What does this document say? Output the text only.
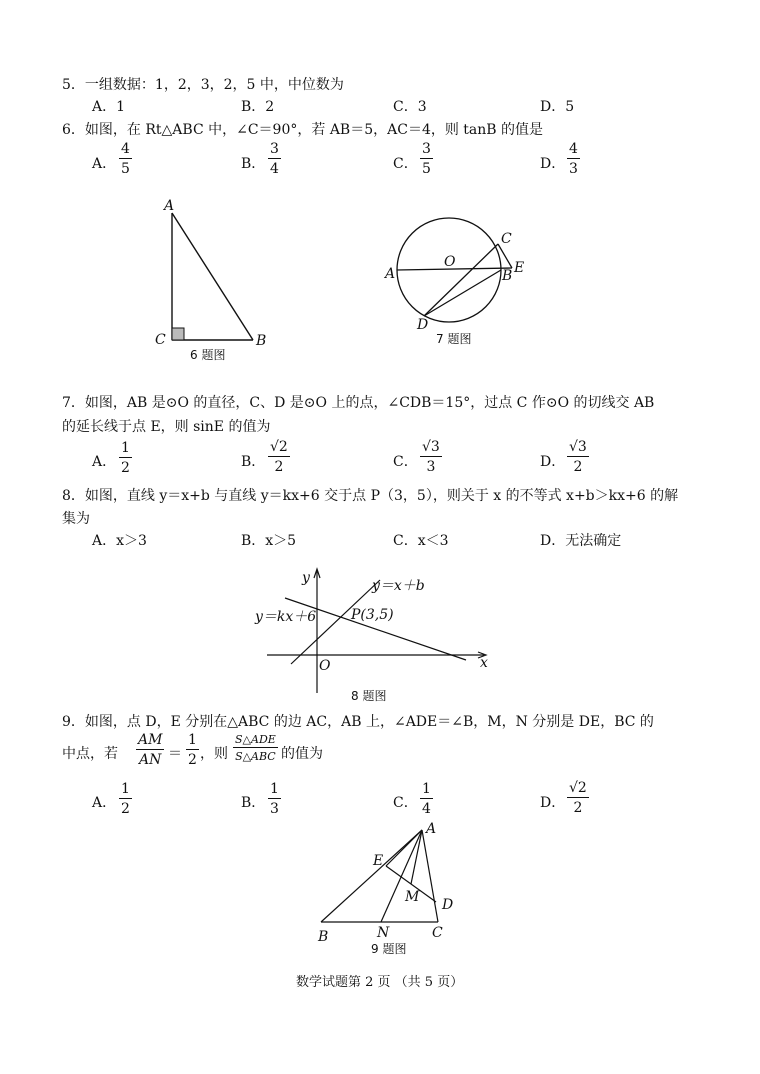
5．一组数据：1，2，3，2，5 中，中位数为
A．1	B．2	C．3	D．5
6．如图，在 Rt△ABC 中，∠C＝90°，若 AB＝5，AC＝4，则 tanB 的值是
A．
4
5	B．
3
4	C．
3
5	D．
4
3
A
C	B
6 题图
A
O
C
B E
D
7 题图
7．如图，AB 是⊙O 的直径，C、D 是⊙O 上的点，∠CDB＝15°，过点 C 作⊙O 的切线交 AB
的延长线于点 E，则 sinE 的值为
A．
1
2	B．
√2
2	C．
√3
3	D．
√3
2
8．如图，直线 y＝x+b 与直线 y＝kx+6 交于点 P（3，5），则关于 x 的不等式 x+b＞kx+6 的解
集为
A．x＞3	B．x＞5	C．x＜3	D．无法确定
y
x
O
y＝x＋b
y＝kx＋6 P(3,5)
8 题图
9．如图，点 D，E 分别在△ABC 的边 AC，AB 上，∠ADE＝∠B，M，N 分别是 DE，BC 的
中点，若
AM
AN ＝
1
2 ，则
S△ADE
S△ABC 的值为
A．
1
2	B．
1
3	C．
1
4	D．
√2
2
A
E
M D
B	N	C
9 题图
数学试题第 2 页 （共 5 页）
